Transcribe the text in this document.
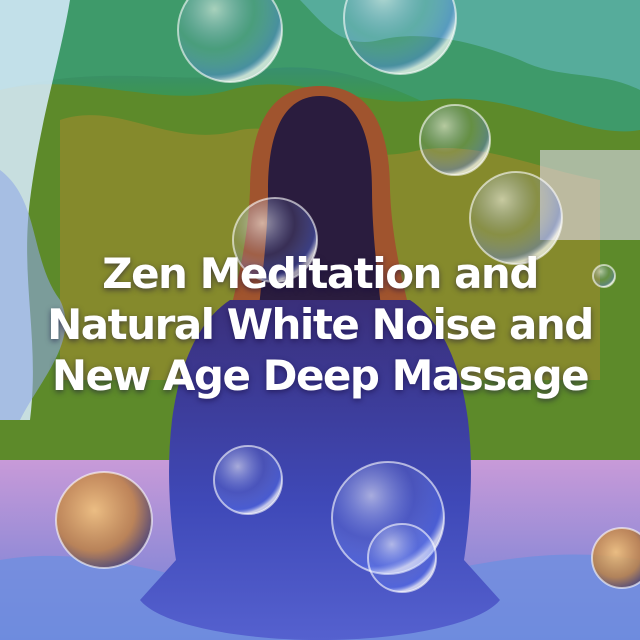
Zen Meditation and
Natural White Noise and
New Age Deep Massage
